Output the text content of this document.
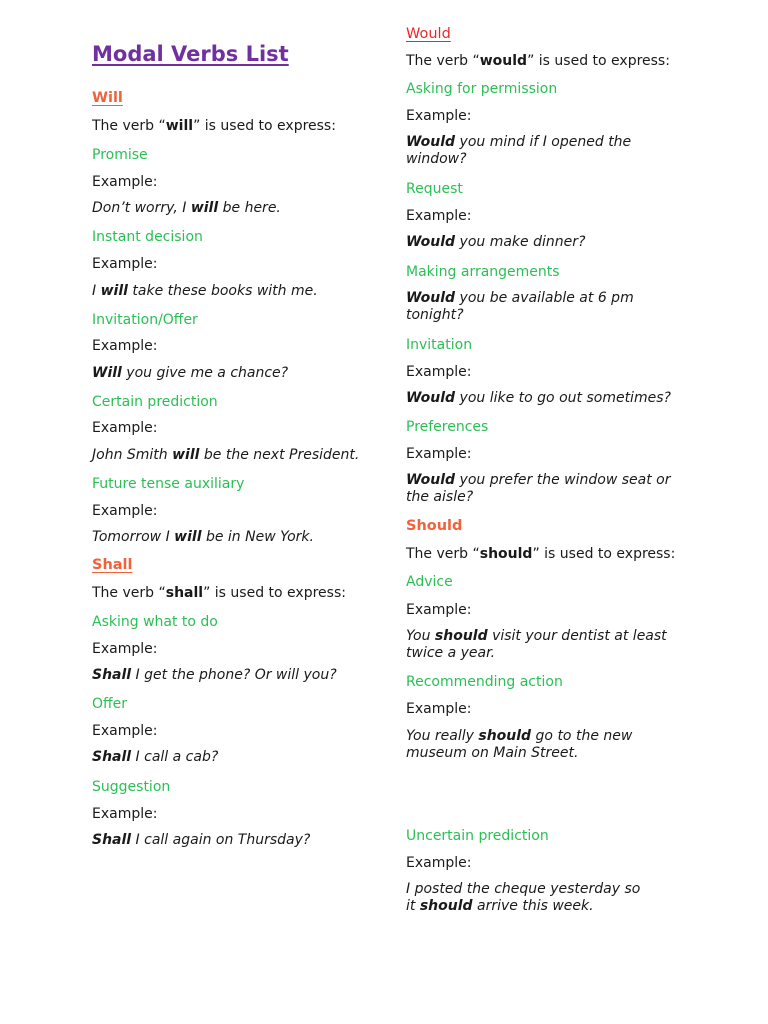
Modal Verbs List
Will
The verb “will” is used to express:
Promise
Example:
Don’t worry, I will be here.
Instant decision
Example:
I will take these books with me.
Invitation/Offer
Example:
Will you give me a chance?
Certain prediction
Example:
John Smith will be the next President.
Future tense auxiliary
Example:
Tomorrow I will be in New York.
Shall
The verb “shall” is used to express:
Asking what to do
Example:
Shall I get the phone? Or will you?
Offer
Example:
Shall I call a cab?
Suggestion
Example:
Shall I call again on Thursday?
Would
The verb “would” is used to express:
Asking for permission
Example:
Would you mind if I opened the window?
Request
Example:
Would you make dinner?
Making arrangements
Would you be available at 6 pm tonight?
Invitation
Example:
Would you like to go out sometimes?
Preferences
Example:
Would you prefer the window seat or the aisle?
Should
The verb “should” is used to express:
Advice
Example:
You should visit your dentist at least twice a year.
Recommending action
Example:
You really should go to the new museum on Main Street.
Uncertain prediction
Example:
I posted the cheque yesterday so it should arrive this week.
